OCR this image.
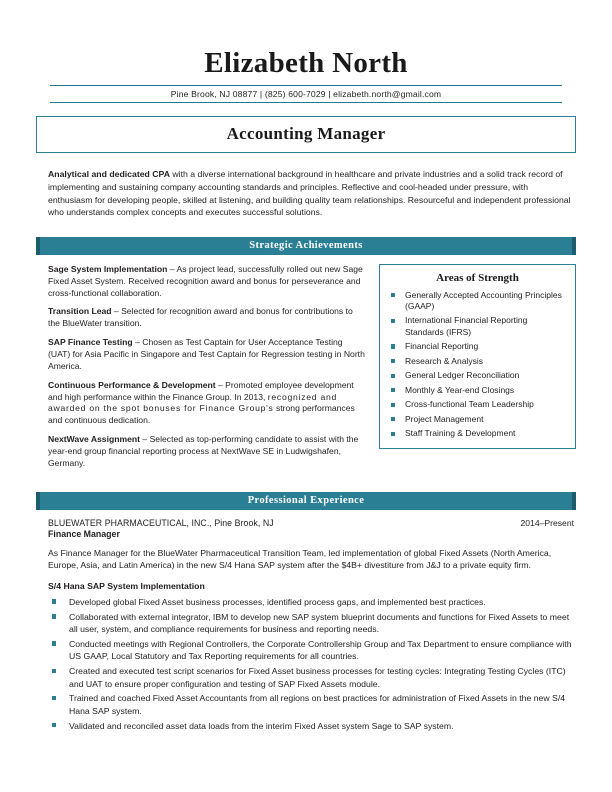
Elizabeth North
Pine Brook, NJ 08877 | (825) 600-7029 | elizabeth.north@gmail.com
Accounting Manager
Analytical and dedicated CPA with a diverse international background in healthcare and private industries and a solid track record of implementing and sustaining company accounting standards and principles. Reflective and cool-headed under pressure, with enthusiasm for developing people, skilled at listening, and building quality team relationships. Resourceful and independent professional who understands complex concepts and executes successful solutions.
Strategic Achievements
Sage System Implementation – As project lead, successfully rolled out new Sage Fixed Asset System. Received recognition award and bonus for perseverance and cross-functional collaboration.
Transition Lead – Selected for recognition award and bonus for contributions to the BlueWater transition.
SAP Finance Testing – Chosen as Test Captain for User Acceptance Testing (UAT) for Asia Pacific in Singapore and Test Captain for Regression testing in North America.
Continuous Performance & Development – Promoted employee development and high performance within the Finance Group. In 2013, recognized and awarded on the spot bonuses for Finance Group's strong performances and continuous dedication.
NextWave Assignment – Selected as top-performing candidate to assist with the year-end group financial reporting process at NextWave SE in Ludwigshafen, Germany.
Areas of Strength
Generally Accepted Accounting Principles (GAAP)
International Financial Reporting Standards (IFRS)
Financial Reporting
Research & Analysis
General Ledger Reconciliation
Monthly & Year-end Closings
Cross-functional Team Leadership
Project Management
Staff Training & Development
Professional Experience
BLUEWATER PHARMACEUTICAL, INC., Pine Brook, NJ	2014–Present
Finance Manager
As Finance Manager for the BlueWater Pharmaceutical Transition Team, led implementation of global Fixed Assets (North America, Europe, Asia, and Latin America) in the new S/4 Hana SAP system after the $4B+ divestiture from J&J to a private equity firm.
S/4 Hana SAP System Implementation
Developed global Fixed Asset business processes, identified process gaps, and implemented best practices.
Collaborated with external integrator, IBM to develop new SAP system blueprint documents and functions for Fixed Assets to meet all user, system, and compliance requirements for business and reporting needs.
Conducted meetings with Regional Controllers, the Corporate Controllership Group and Tax Department to ensure compliance with US GAAP, Local Statutory and Tax Reporting requirements for all countries.
Created and executed test script scenarios for Fixed Asset business processes for testing cycles: Integrating Testing Cycles (ITC) and UAT to ensure proper configuration and testing of SAP Fixed Assets module.
Trained and coached Fixed Asset Accountants from all regions on best practices for administration of Fixed Assets in the new S/4 Hana SAP system.
Validated and reconciled asset data loads from the interim Fixed Asset system Sage to SAP system.
